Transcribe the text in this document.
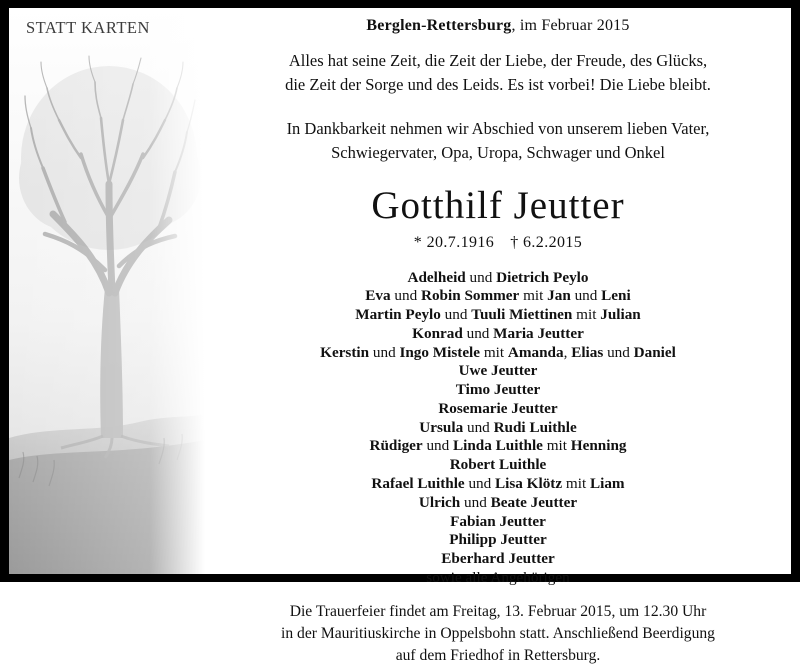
STATT KARTEN	Berglen-Rettersburg, im Februar 2015
Alles hat seine Zeit, die Zeit der Liebe, der Freude, des Glücks,
die Zeit der Sorge und des Leids. Es ist vorbei! Die Liebe bleibt.
In Dankbarkeit nehmen wir Abschied von unserem lieben Vater,
Schwiegervater, Opa, Uropa, Schwager und Onkel
Gotthilf Jeutter
* 20.7.1916 † 6.2.2015
Adelheid und Dietrich Peylo
Eva und Robin Sommer mit Jan und Leni
Martin Peylo und Tuuli Miettinen mit Julian
Konrad und Maria Jeutter
Kerstin und Ingo Mistele mit Amanda, Elias und Daniel
Uwe Jeutter
Timo Jeutter
Rosemarie Jeutter
Ursula und Rudi Luithle
Rüdiger und Linda Luithle mit Henning
Robert Luithle
Rafael Luithle und Lisa Klötz mit Liam
Ulrich und Beate Jeutter
Fabian Jeutter
Philipp Jeutter
Eberhard Jeutter
sowie alle Angehörigen
Die Trauerfeier findet am Freitag, 13. Februar 2015, um 12.30 Uhr
in der Mauritiuskirche in Oppelsbohn statt. Anschließend Beerdigung
auf dem Friedhof in Rettersburg.
